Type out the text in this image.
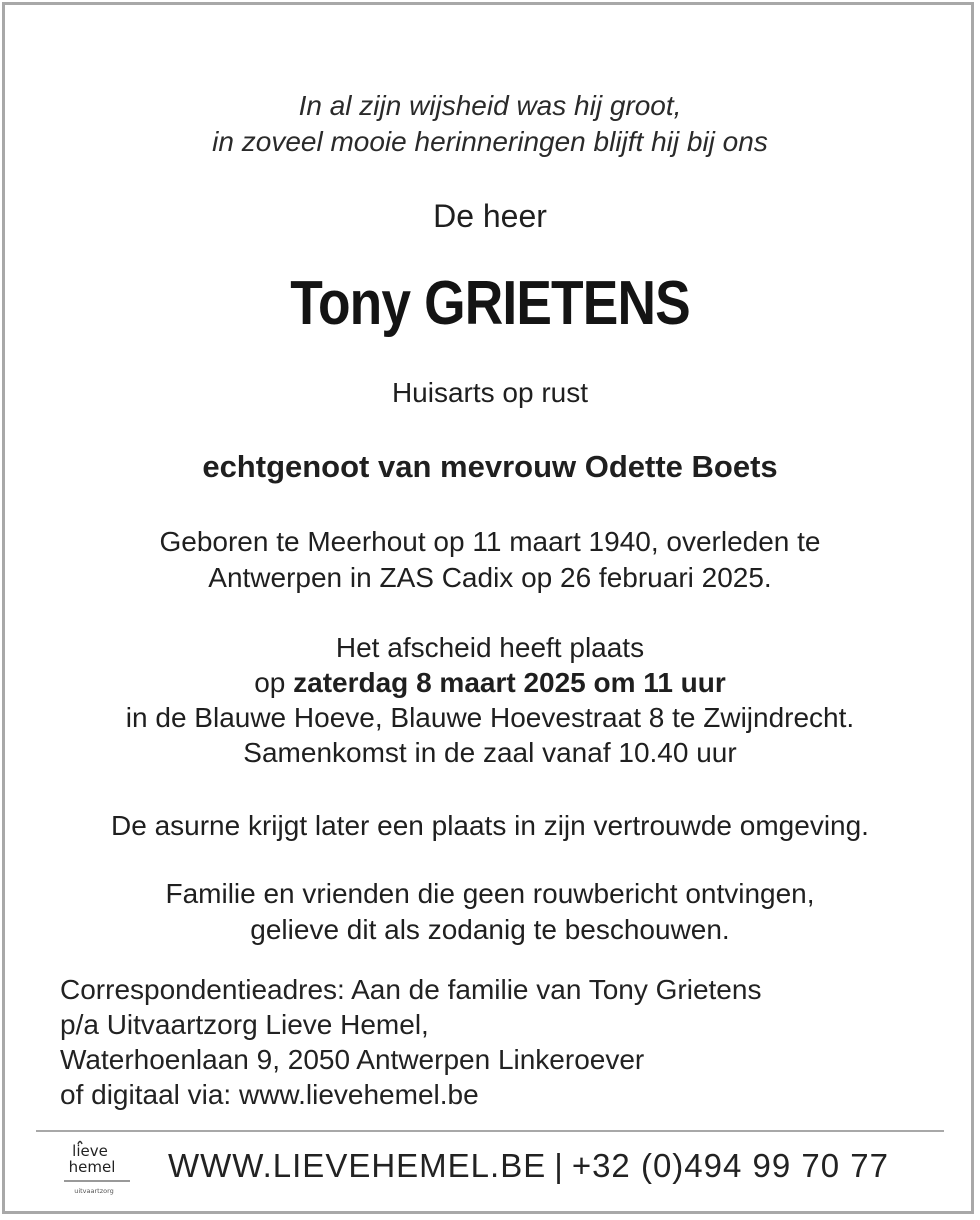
In al zijn wijsheid was hij groot,
in zoveel mooie herinneringen blijft hij bij ons
De heer
Tony GRIETENS
Huisarts op rust
echtgenoot van mevrouw Odette Boets
Geboren te Meerhout op 11 maart 1940, overleden te
Antwerpen in ZAS Cadix op 26 februari 2025.
Het afscheid heeft plaats
op zaterdag 8 maart 2025 om 11 uur
in de Blauwe Hoeve, Blauwe Hoevestraat 8 te Zwijndrecht.
Samenkomst in de zaal vanaf 10.40 uur
De asurne krijgt later een plaats in zijn vertrouwde omgeving.
Familie en vrienden die geen rouwbericht ontvingen,
gelieve dit als zodanig te beschouwen.
Correspondentieadres: Aan de familie van Tony Grietens
p/a Uitvaartzorg Lieve Hemel,
Waterhoenlaan 9, 2050 Antwerpen Linkeroever
of digitaal via: www.lievehemel.be
lieve
hemel
uitvaartzorg
WWW.LIEVEHEMEL.BE | +32 (0)494 99 70 77
